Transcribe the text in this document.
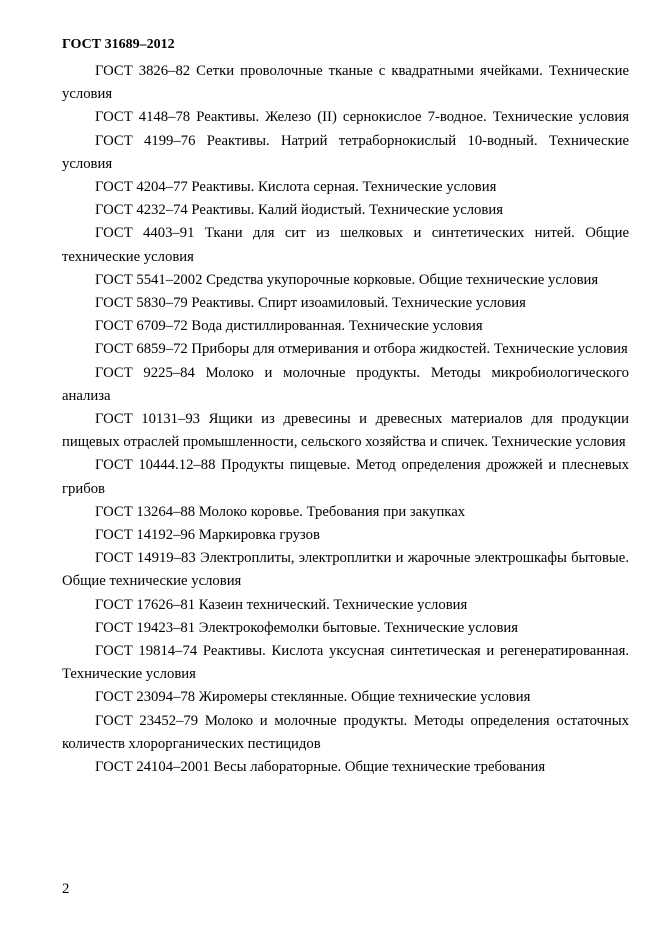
ГОСТ 31689–2012

ГОСТ 3826–82 Сетки проволочные тканые с квадратными ячейками. Технические условия

ГОСТ 4148–78 Реактивы. Железо (II) сернокислое 7-водное. Технические условия

ГОСТ 4199–76 Реактивы. Натрий тетраборнокислый 10-водный. Технические условия

ГОСТ 4204–77 Реактивы. Кислота серная. Технические условия

ГОСТ 4232–74 Реактивы. Калий йодистый. Технические условия

ГОСТ 4403–91 Ткани для сит из шелковых и синтетических нитей. Общие технические условия

ГОСТ 5541–2002 Средства укупорочные корковые. Общие технические условия

ГОСТ 5830–79 Реактивы. Спирт изоамиловый. Технические условия

ГОСТ 6709–72 Вода дистиллированная. Технические условия

ГОСТ 6859–72 Приборы для отмеривания и отбора жидкостей. Технические условия

ГОСТ 9225–84 Молоко и молочные продукты. Методы микробиологического анализа

ГОСТ 10131–93 Ящики из древесины и древесных материалов для продукции пищевых отраслей промышленности, сельского хозяйства и спичек. Технические условия

ГОСТ 10444.12–88 Продукты пищевые. Метод определения дрожжей и плесневых грибов

ГОСТ 13264–88 Молоко коровье. Требования при закупках

ГОСТ 14192–96 Маркировка грузов

ГОСТ 14919–83 Электроплиты, электроплитки и жарочные электрошкафы бытовые. Общие технические условия

ГОСТ 17626–81 Казеин технический. Технические условия

ГОСТ 19423–81 Электрокофемолки бытовые. Технические условия

ГОСТ 19814–74 Реактивы. Кислота уксусная синтетическая и регенератированная. Технические условия

ГОСТ 23094–78 Жиромеры стеклянные. Общие технические условия

ГОСТ 23452–79 Молоко и молочные продукты. Методы определения остаточных количеств хлорорганических пестицидов

ГОСТ 24104–2001 Весы лабораторные. Общие технические требования

2
